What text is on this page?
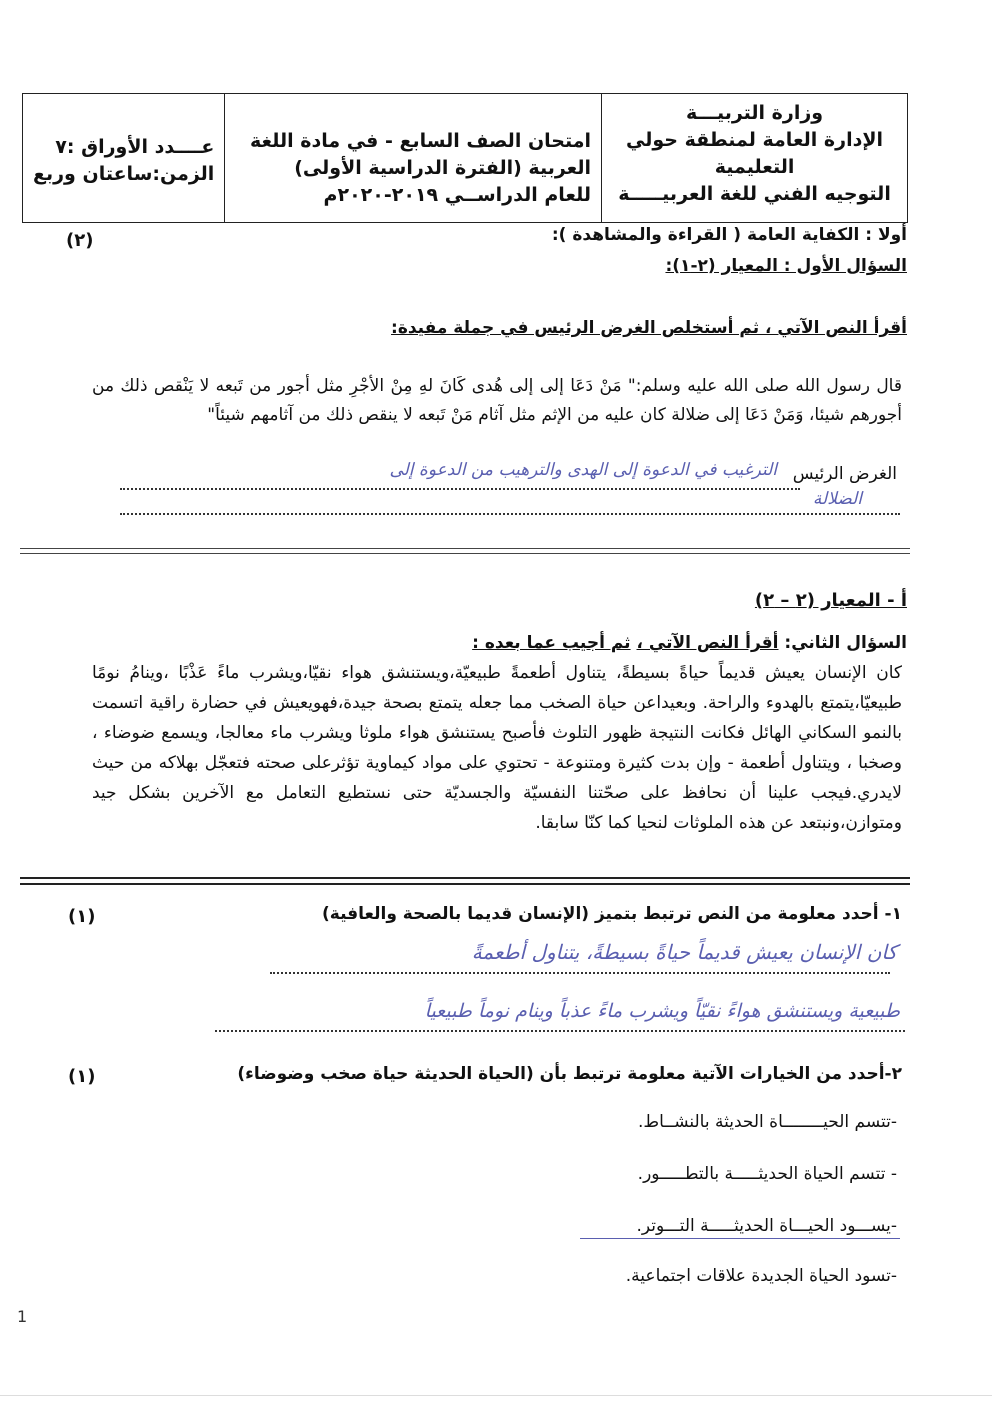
وزارة التربيـــة
الإدارة العامة لمنطقة حولي
التعليمية
التوجيه الفني للغة العربيـــــة
امتحان الصف السابع - في مادة اللغة
العربية (الفترة الدراسية الأولى)
للعام الدراســي ٢٠١٩-٢٠٢٠م
عــــدد الأوراق :٧
الزمن:ساعتان وربع
أولا : الكفاية العامة ( القراءة والمشاهدة ):
(٢)
السؤال الأول : المعيار (٢-١):
أقرأ النص الآتي ، ثم أستخلص الغرض الرئيس في جملة مفيدة:
قال رسول الله صلى الله عليه وسلم:" مَنْ دَعَا إلى إلى هُدى كَانَ لهِ مِنْ الأجْرِ مثل أجور من تَبعه لا يَنْقص ذلك من أجورهم شيئا، وَمَنْ دَعَا إلى ضلالة كان عليه من الإثم مثل آثام مَنْ تَبعه لا ينقص ذلك من آثامهم شيئاً"
الغرض الرئيس
الترغيب في الدعوة إلى الهدى والترهيب من الدعوة إلى
الضلالة
أ - المعيار (٢ – ٢)
السؤال الثاني: أقرأ النص الآتي ، ثم أجيب عما بعده :
كان الإنسان يعيش قديماً حياةً بسيطةً، يتناول أطعمةً طبيعيّة،ويستنشق هواء نقيّا،ويشرب ماءً عَذْبًا ،وينامُ نومًا طبيعيّا،يتمتع بالهدوء والراحة. وبعيداعن حياة الصخب مما جعله يتمتع بصحة جيدة،فهويعيش في حضارة راقية اتسمت بالنمو السكاني الهائل فكانت النتيجة ظهور التلوث فأصبح يستنشق هواء ملوثا ويشرب ماء معالجا، ويسمع ضوضاء ، وصخبا ، ويتناول أطعمة - وإن بدت كثيرة ومتنوعة - تحتوي على مواد كيماوية تؤثرعلى صحته فتعجّل بهلاكه من حيث لايدري.فيجب علينا أن نحافظ على صحّتنا النفسيّة والجسديّة حتى نستطيع التعامل مع الآخرين بشكل جيد ومتوازن،ونبتعد عن هذه الملوثات لنحيا كما كنّا سابقا.
١- أحدد معلومة من النص ترتبط بتميز (الإنسان قديما بالصحة والعافية)
(١)
كان الإنسان يعيش قديماً حياةً بسيطةً، يتناول أطعمةً
طبيعية ويستنشق هواءً نقيّاً ويشرب ماءً عذباً وينام نوماً طبيعياً
٢-أحدد من الخيارات الآتية معلومة ترتبط بأن (الحياة الحديثة حياة صخب وضوضاء)
(١)
-تتسم الحيــــــــاة الحديثة بالنشــاط.
- تتسم الحياة الحديثـــــة بالتطـــــور.
-يســـود الحيـــاة الحديثـــــة التـــوتر.
-تسود الحياة الجديدة علاقات اجتماعية.
1
